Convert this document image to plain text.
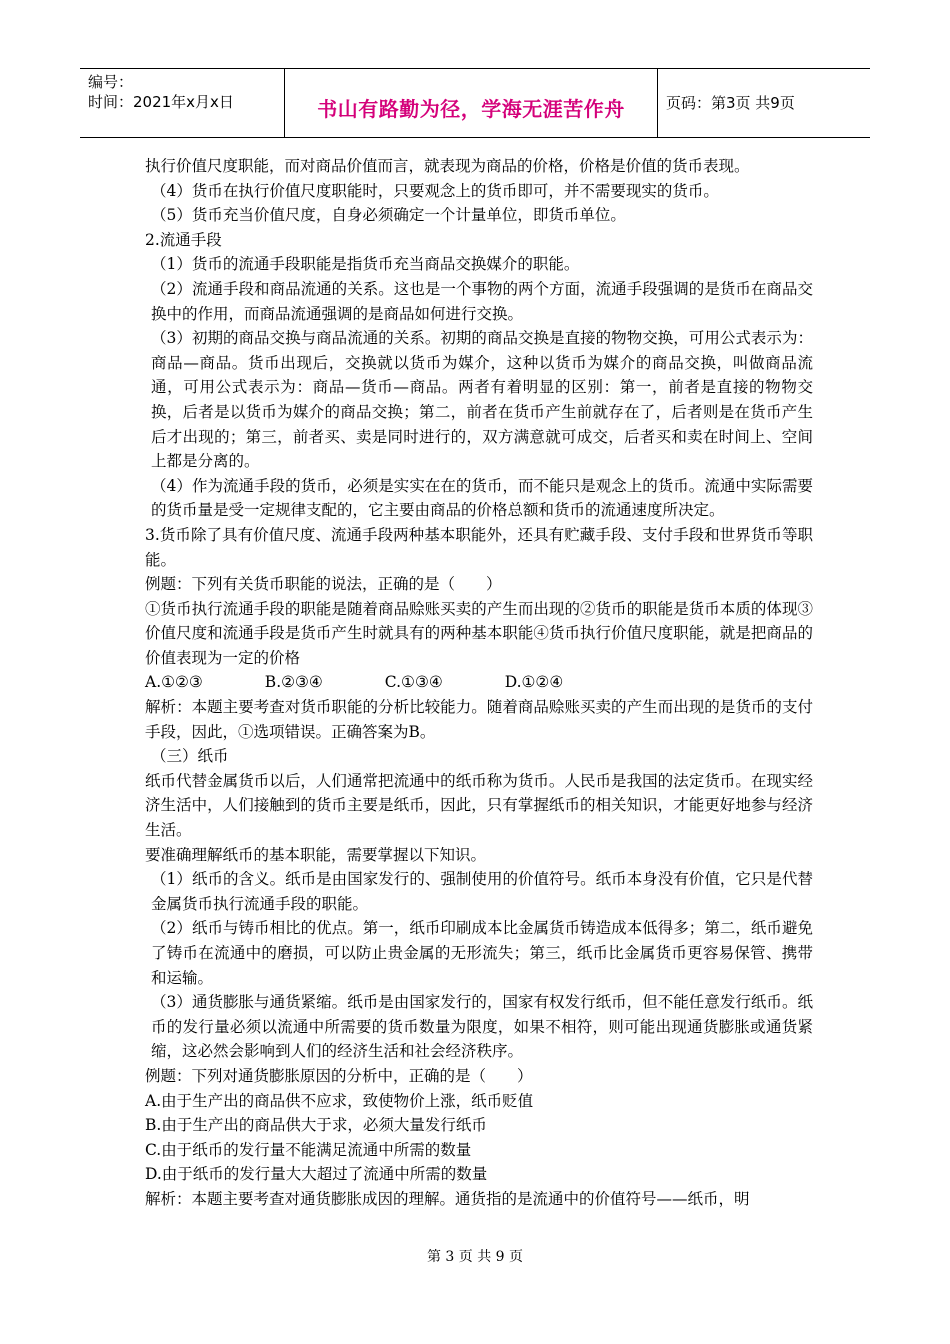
编号：
时间：2021年x月x日	书山有路勤为径，学海无涯苦作舟	页码：第3页 共9页

执行价值尺度职能，而对商品价值而言，就表现为商品的价格，价格是价值的货币表现。

（4）货币在执行价值尺度职能时，只要观念上的货币即可，并不需要现实的货币。

（5）货币充当价值尺度，自身必须确定一个计量单位，即货币单位。

2.流通手段

（1）货币的流通手段职能是指货币充当商品交换媒介的职能。

（2）流通手段和商品流通的关系。这也是一个事物的两个方面，流通手段强调的是货币在商品交换中的作用，而商品流通强调的是商品如何进行交换。

（3）初期的商品交换与商品流通的关系。初期的商品交换是直接的物物交换，可用公式表示为：商品—商品。货币出现后，交换就以货币为媒介，这种以货币为媒介的商品交换，叫做商品流通，可用公式表示为：商品—货币—商品。两者有着明显的区别：第一，前者是直接的物物交换，后者是以货币为媒介的商品交换；第二，前者在货币产生前就存在了，后者则是在货币产生后才出现的；第三，前者买、卖是同时进行的，双方满意就可成交，后者买和卖在时间上、空间上都是分离的。

（4）作为流通手段的货币，必须是实实在在的货币，而不能只是观念上的货币。流通中实际需要的货币量是受一定规律支配的，它主要由商品的价格总额和货币的流通速度所决定。

3.货币除了具有价值尺度、流通手段两种基本职能外，还具有贮藏手段、支付手段和世界货币等职能。

例题：下列有关货币职能的说法，正确的是（　　）

①货币执行流通手段的职能是随着商品赊账买卖的产生而出现的②货币的职能是货币本质的体现③价值尺度和流通手段是货币产生时就具有的两种基本职能④货币执行价值尺度职能，就是把商品的价值表现为一定的价格

A.①②③　　　　B.②③④　　　　C.①③④　　　　D.①②④

解析：本题主要考查对货币职能的分析比较能力。随着商品赊账买卖的产生而出现的是货币的支付手段，因此，①选项错误。正确答案为B。

（三）纸币

纸币代替金属货币以后，人们通常把流通中的纸币称为货币。人民币是我国的法定货币。在现实经济生活中，人们接触到的货币主要是纸币，因此，只有掌握纸币的相关知识，才能更好地参与经济生活。

要准确理解纸币的基本职能，需要掌握以下知识。

（1）纸币的含义。纸币是由国家发行的、强制使用的价值符号。纸币本身没有价值，它只是代替金属货币执行流通手段的职能。

（2）纸币与铸币相比的优点。第一，纸币印刷成本比金属货币铸造成本低得多；第二，纸币避免了铸币在流通中的磨损，可以防止贵金属的无形流失；第三，纸币比金属货币更容易保管、携带和运输。

（3）通货膨胀与通货紧缩。纸币是由国家发行的，国家有权发行纸币，但不能任意发行纸币。纸币的发行量必须以流通中所需要的货币数量为限度，如果不相符，则可能出现通货膨胀或通货紧缩，这必然会影响到人们的经济生活和社会经济秩序。

例题：下列对通货膨胀原因的分析中，正确的是（　　）

A.由于生产出的商品供不应求，致使物价上涨，纸币贬值

B.由于生产出的商品供大于求，必须大量发行纸币

C.由于纸币的发行量不能满足流通中所需的数量

D.由于纸币的发行量大大超过了流通中所需的数量

解析：本题主要考查对通货膨胀成因的理解。通货指的是流通中的价值符号——纸币，明

第 3 页 共 9 页
